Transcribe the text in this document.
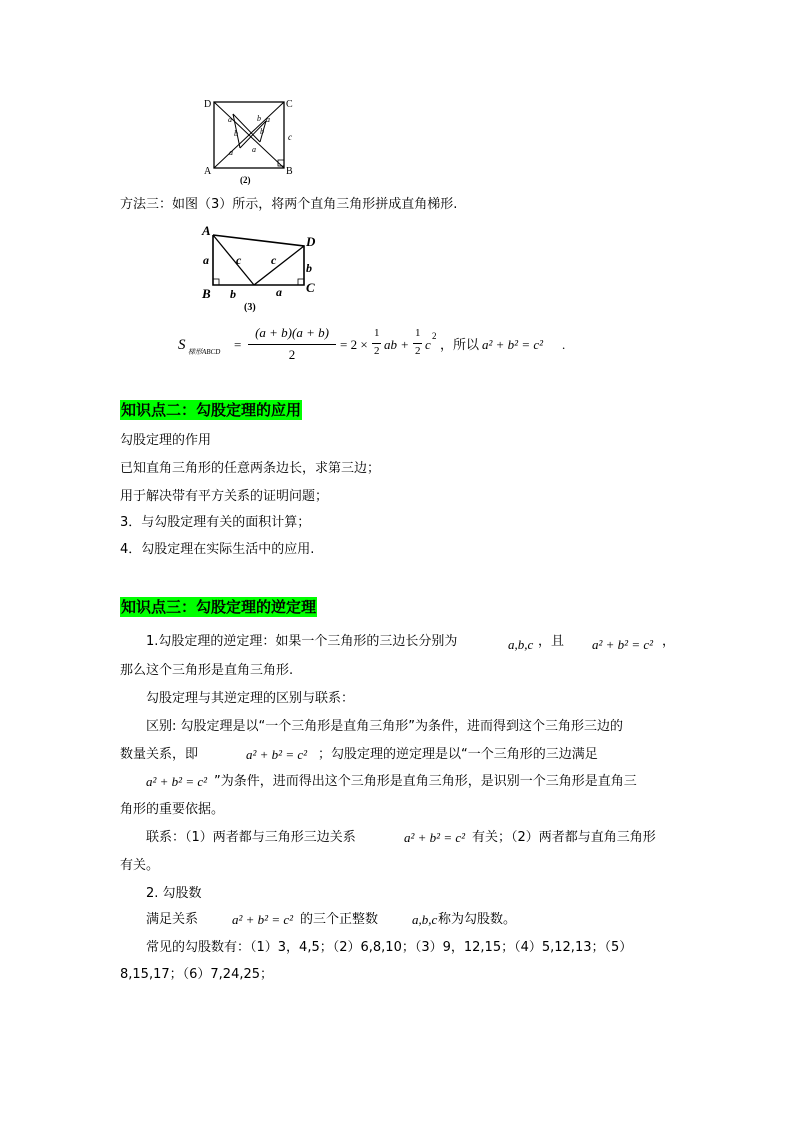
D	C
A	B
a	b
b
a
b
c
a a
(2)
方法三：如图（3）所示，将两个直角三角形拼成直角梯形.
A
D
B	C
a c c
b
b	a
(3)
S 梯形ABCD =
(a + b)(a + b)
2
= 2 ×
1
2 ab +
1
2 c
2
，所以 a² + b² = c² .
知识点二：勾股定理的应用
勾股定理的作用
已知直角三角形的任意两条边长，求第三边；
用于解决带有平方关系的证明问题；
3．与勾股定理有关的面积计算；
4．勾股定理在实际生活中的应用.
知识点三：勾股定理的逆定理
1.勾股定理的逆定理：如果一个三角形的三边长分别为	a,b,c ，且 a² + b² = c² ，
那么这个三角形是直角三角形.
勾股定理与其逆定理的区别与联系：
区别: 勾股定理是以“一个三角形是直角三角形”为条件，进而得到这个三角形三边的
数量关系，即	a² + b² = c² ；勾股定理的逆定理是以“一个三角形的三边满足
a² + b² = c² ”为条件，进而得出这个三角形是直角三角形，是识别一个三角形是直角三
角形的重要依据。
联系：（1）两者都与三角形三边关系	a² + b² = c² 有关；（2）两者都与直角三角形
有关。
2. 勾股数
满足关系	a² + b² = c² 的三个正整数	a,b,c 称为勾股数。
常见的勾股数有：（1）3，4,5；（2）6,8,10；（3）9，12,15；（4）5,12,13；（5）
8,15,17；（6）7,24,25；
